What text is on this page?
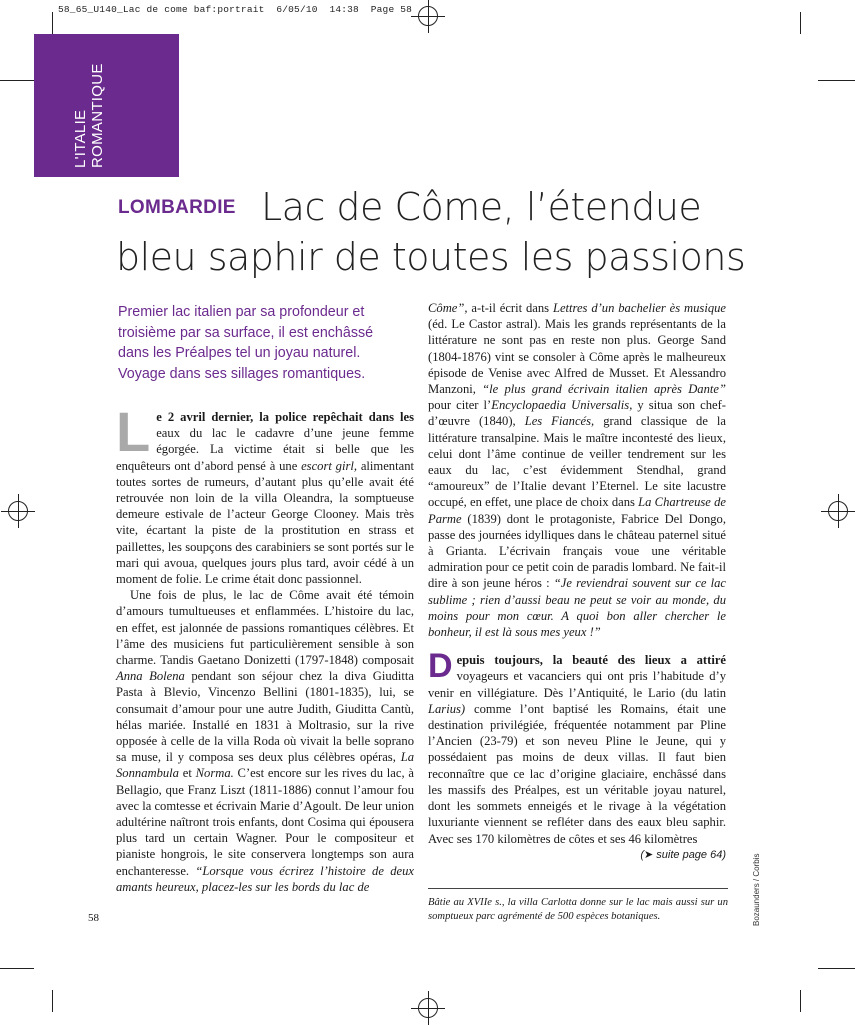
58_65_U140_Lac de come baf:portrait  6/05/10  14:38  Page 58
L'ITALIE ROMANTIQUE
LOMBARDIE Lac de Côme, l’étendue bleu saphir de toutes les passions
Premier lac italien par sa profondeur et troisième par sa surface, il est enchâssé dans les Préalpes tel un joyau naturel. Voyage dans ses sillages romantiques.

Le 2 avril dernier, la police repêchait dans les eaux du lac le cadavre d’une jeune femme égorgée. La victime était si belle que les enquêteurs ont d’abord pensé à une escort girl, alimentant toutes sortes de rumeurs, d’autant plus qu’elle avait été retrouvée non loin de la villa Oleandra, la somptueuse demeure estivale de l’acteur George Clooney. Mais très vite, écartant la piste de la prostitution en strass et paillettes, les soupçons des carabiniers se sont portés sur le mari qui avoua, quelques jours plus tard, avoir cédé à un moment de folie. Le crime était donc passionnel.

Une fois de plus, le lac de Côme avait été témoin d’amours tumultueuses et enflammées. L’histoire du lac, en effet, est jalonnée de passions romantiques célèbres. Et l’âme des musiciens fut particulièrement sensible à son charme. Tandis Gaetano Donizetti (1797-1848) composait Anna Bolena pendant son séjour chez la diva Giuditta Pasta à Blevio, Vincenzo Bellini (1801-1835), lui, se consumait d’amour pour une autre Judith, Giuditta Cantù, hélas mariée. Installé en 1831 à Moltrasio, sur la rive opposée à celle de la villa Roda où vivait la belle soprano sa muse, il y composa ses deux plus célèbres opéras, La Sonnambula et Norma. C’est encore sur les rives du lac, à Bellagio, que Franz Liszt (1811-1886) connut l’amour fou avec la comtesse et écrivain Marie d’Agoult. De leur union adultérine naîtront trois enfants, dont Cosima qui épousera plus tard un certain Wagner. Pour le compositeur et pianiste hongrois, le site conservera longtemps son aura enchanteresse. “Lorsque vous écrirez l’histoire de deux amants heureux, placez-les sur les bords du lac de

Côme”, a-t-il écrit dans Lettres d’un bachelier ès musique (éd. Le Castor astral). Mais les grands représentants de la littérature ne sont pas en reste non plus. George Sand (1804-1876) vint se consoler à Côme après le malheureux épisode de Venise avec Alfred de Musset. Et Alessandro Manzoni, “le plus grand écrivain italien après Dante” pour citer l’Encyclopaedia Universalis, y situa son chef-d’œuvre (1840), Les Fiancés, grand classique de la littérature transalpine. Mais le maître incontesté des lieux, celui dont l’âme continue de veiller tendrement sur les eaux du lac, c’est évidemment Stendhal, grand “amoureux” de l’Italie devant l’Eternel. Le site lacustre occupé, en effet, une place de choix dans La Chartreuse de Parme (1839) dont le protagoniste, Fabrice Del Dongo, passe des journées idylliques dans le château paternel situé à Grianta. L’écrivain français voue une véritable admiration pour ce petit coin de paradis lombard. Ne fait-il dire à son jeune héros : “Je reviendrai souvent sur ce lac sublime ; rien d’aussi beau ne peut se voir au monde, du moins pour mon cœur. A quoi bon aller chercher le bonheur, il est là sous mes yeux !”

Depuis toujours, la beauté des lieux a attiré voyageurs et vacanciers qui ont pris l’habitude d’y venir en villégiature. Dès l’Antiquité, le Lario (du latin Larius) comme l’ont baptisé les Romains, était une destination privilégiée, fréquentée notamment par Pline l’Ancien (23-79) et son neveu Pline le Jeune, qui y possédaient pas moins de deux villas. Il faut bien reconnaître que ce lac d’origine glaciaire, enchâssé dans les massifs des Préalpes, est un véritable joyau naturel, dont les sommets enneigés et le rivage à la végétation luxuriante viennent se refléter dans des eaux bleu saphir. Avec ses 170 kilomètres de côtes et ses 46 kilomètres
(➤ suite page 64)

Bâtie au XVIIe s., la villa Carlotta donne sur le lac mais aussi sur un somptueux parc agrémenté de 500 espèces botaniques.	Bozaunders / Corbis
58
